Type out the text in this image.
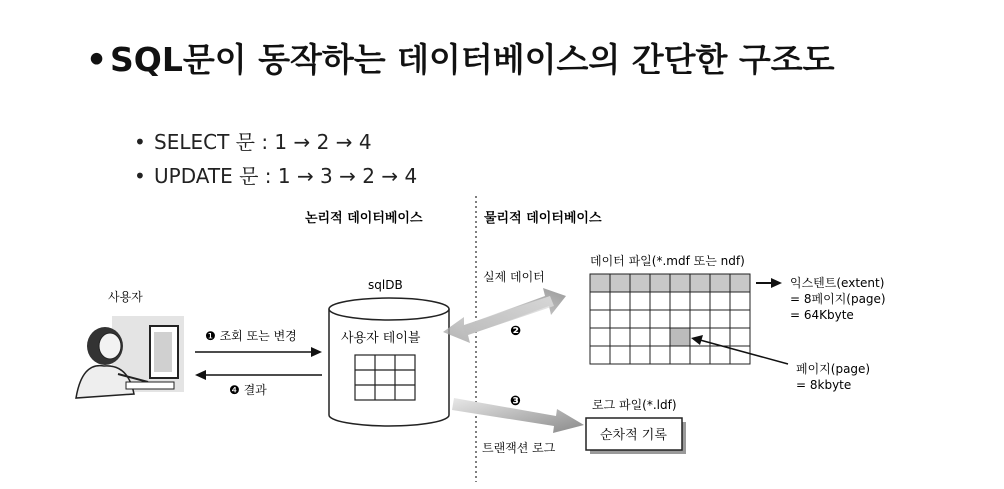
• SQL문이 동작하는 데이터베이스의 간단한 구조도
• SELECT 문 : 1 → 2 → 4
• UPDATE 문 : 1 → 3 → 2 → 4
논리적 데이터베이스	물리적 데이터베이스
사용자
❶ 조회 또는 변경
❹ 결과
sqlDB
사용자 테이블
실제 데이터
❷
데이터 파일(*.mdf 또는 ndf)
익스텐트(extent)
= 8페이지(page)
= 64Kbyte
페이지(page)
= 8kbyte
❸	로그 파일(*.ldf)
순차적 기록
트랜잭션 로그
